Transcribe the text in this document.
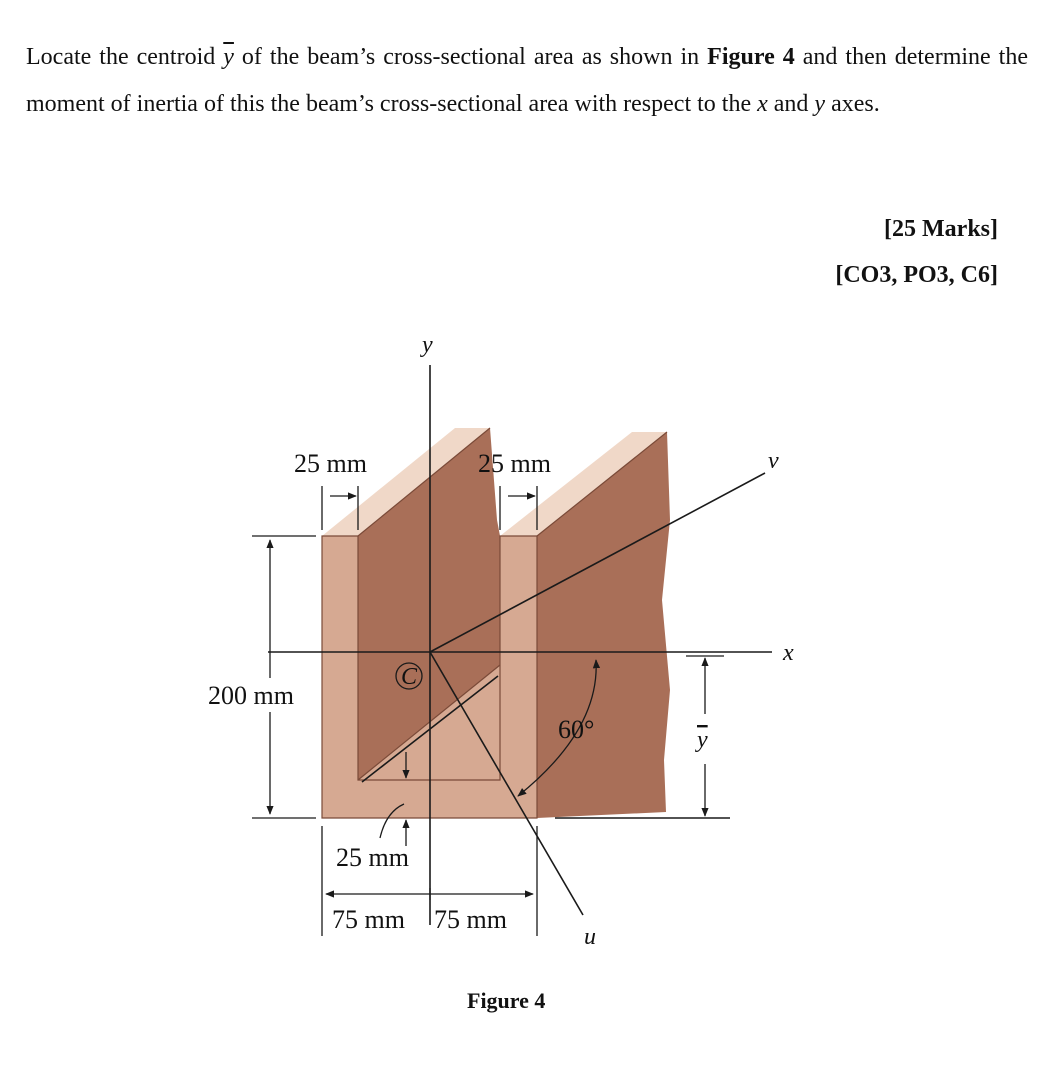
Locate the centroid $\overline{y}$ of the beam’s cross-sectional area as shown in Figure 4 and then determine the moment of inertia of this the beam’s cross-sectional area with respect to the x and y axes.
[25 Marks]
[CO3, PO3, C6]
25 mm	25 mm
200 mm
25 mm
75 mm 75 mm
60°
C
y
y
x
u
v
Figure 4
